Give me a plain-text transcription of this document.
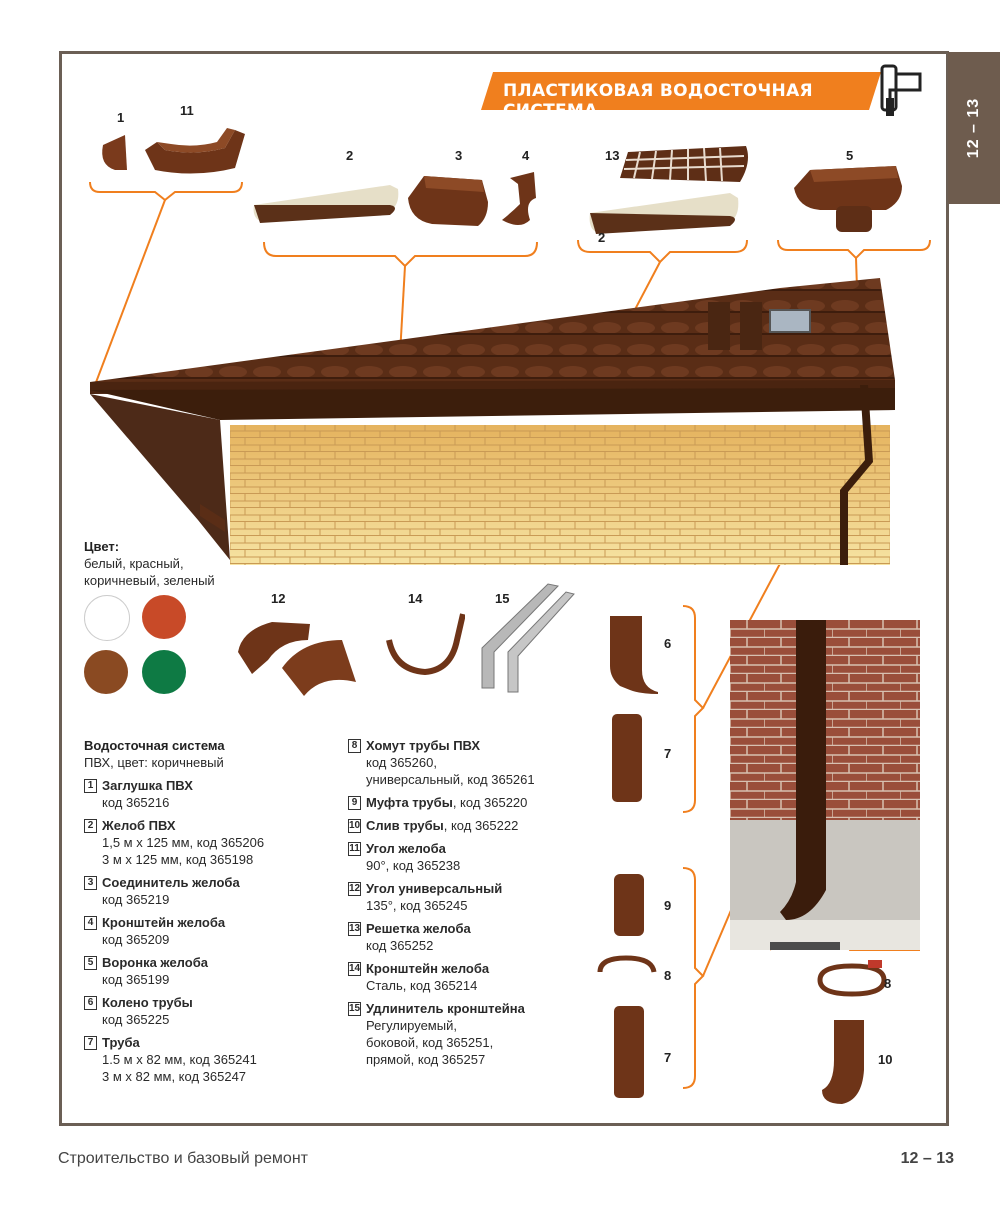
12 – 13
ПЛАСТИКОВАЯ ВОДОСТОЧНАЯ СИСТЕМА
1	11
2	3	4	13
2
5
Цвет:
белый, красный,
коричневый, зеленый
12	14	15
6
7
9
8
7
8
10
Водосточная система
ПВХ, цвет: коричневый
1 Заглушка ПВХ
код 365216
2 Желоб ПВХ
1,5 м х 125 мм, код 365206
3 м х 125 мм, код 365198
3 Соединитель желоба
код 365219
4 Кронштейн желоба
код 365209
5 Воронка желоба
код 365199
6 Колено трубы
код 365225
7 Труба
1.5 м х 82 мм, код 365241
3 м х 82 мм, код 365247
8 Хомут трубы ПВХ
код 365260,
универсальный, код 365261
9 Муфта трубы, код 365220
10 Слив трубы, код 365222
11 Угол желоба
90°, код 365238
12 Угол универсальный
135°, код 365245
13 Решетка желоба
код 365252
14 Кронштейн желоба
Сталь, код 365214
15 Удлинитель кронштейна
Регулируемый,
боковой, код 365251,
прямой, код 365257
Строительство и базовый ремонт	12 – 13
